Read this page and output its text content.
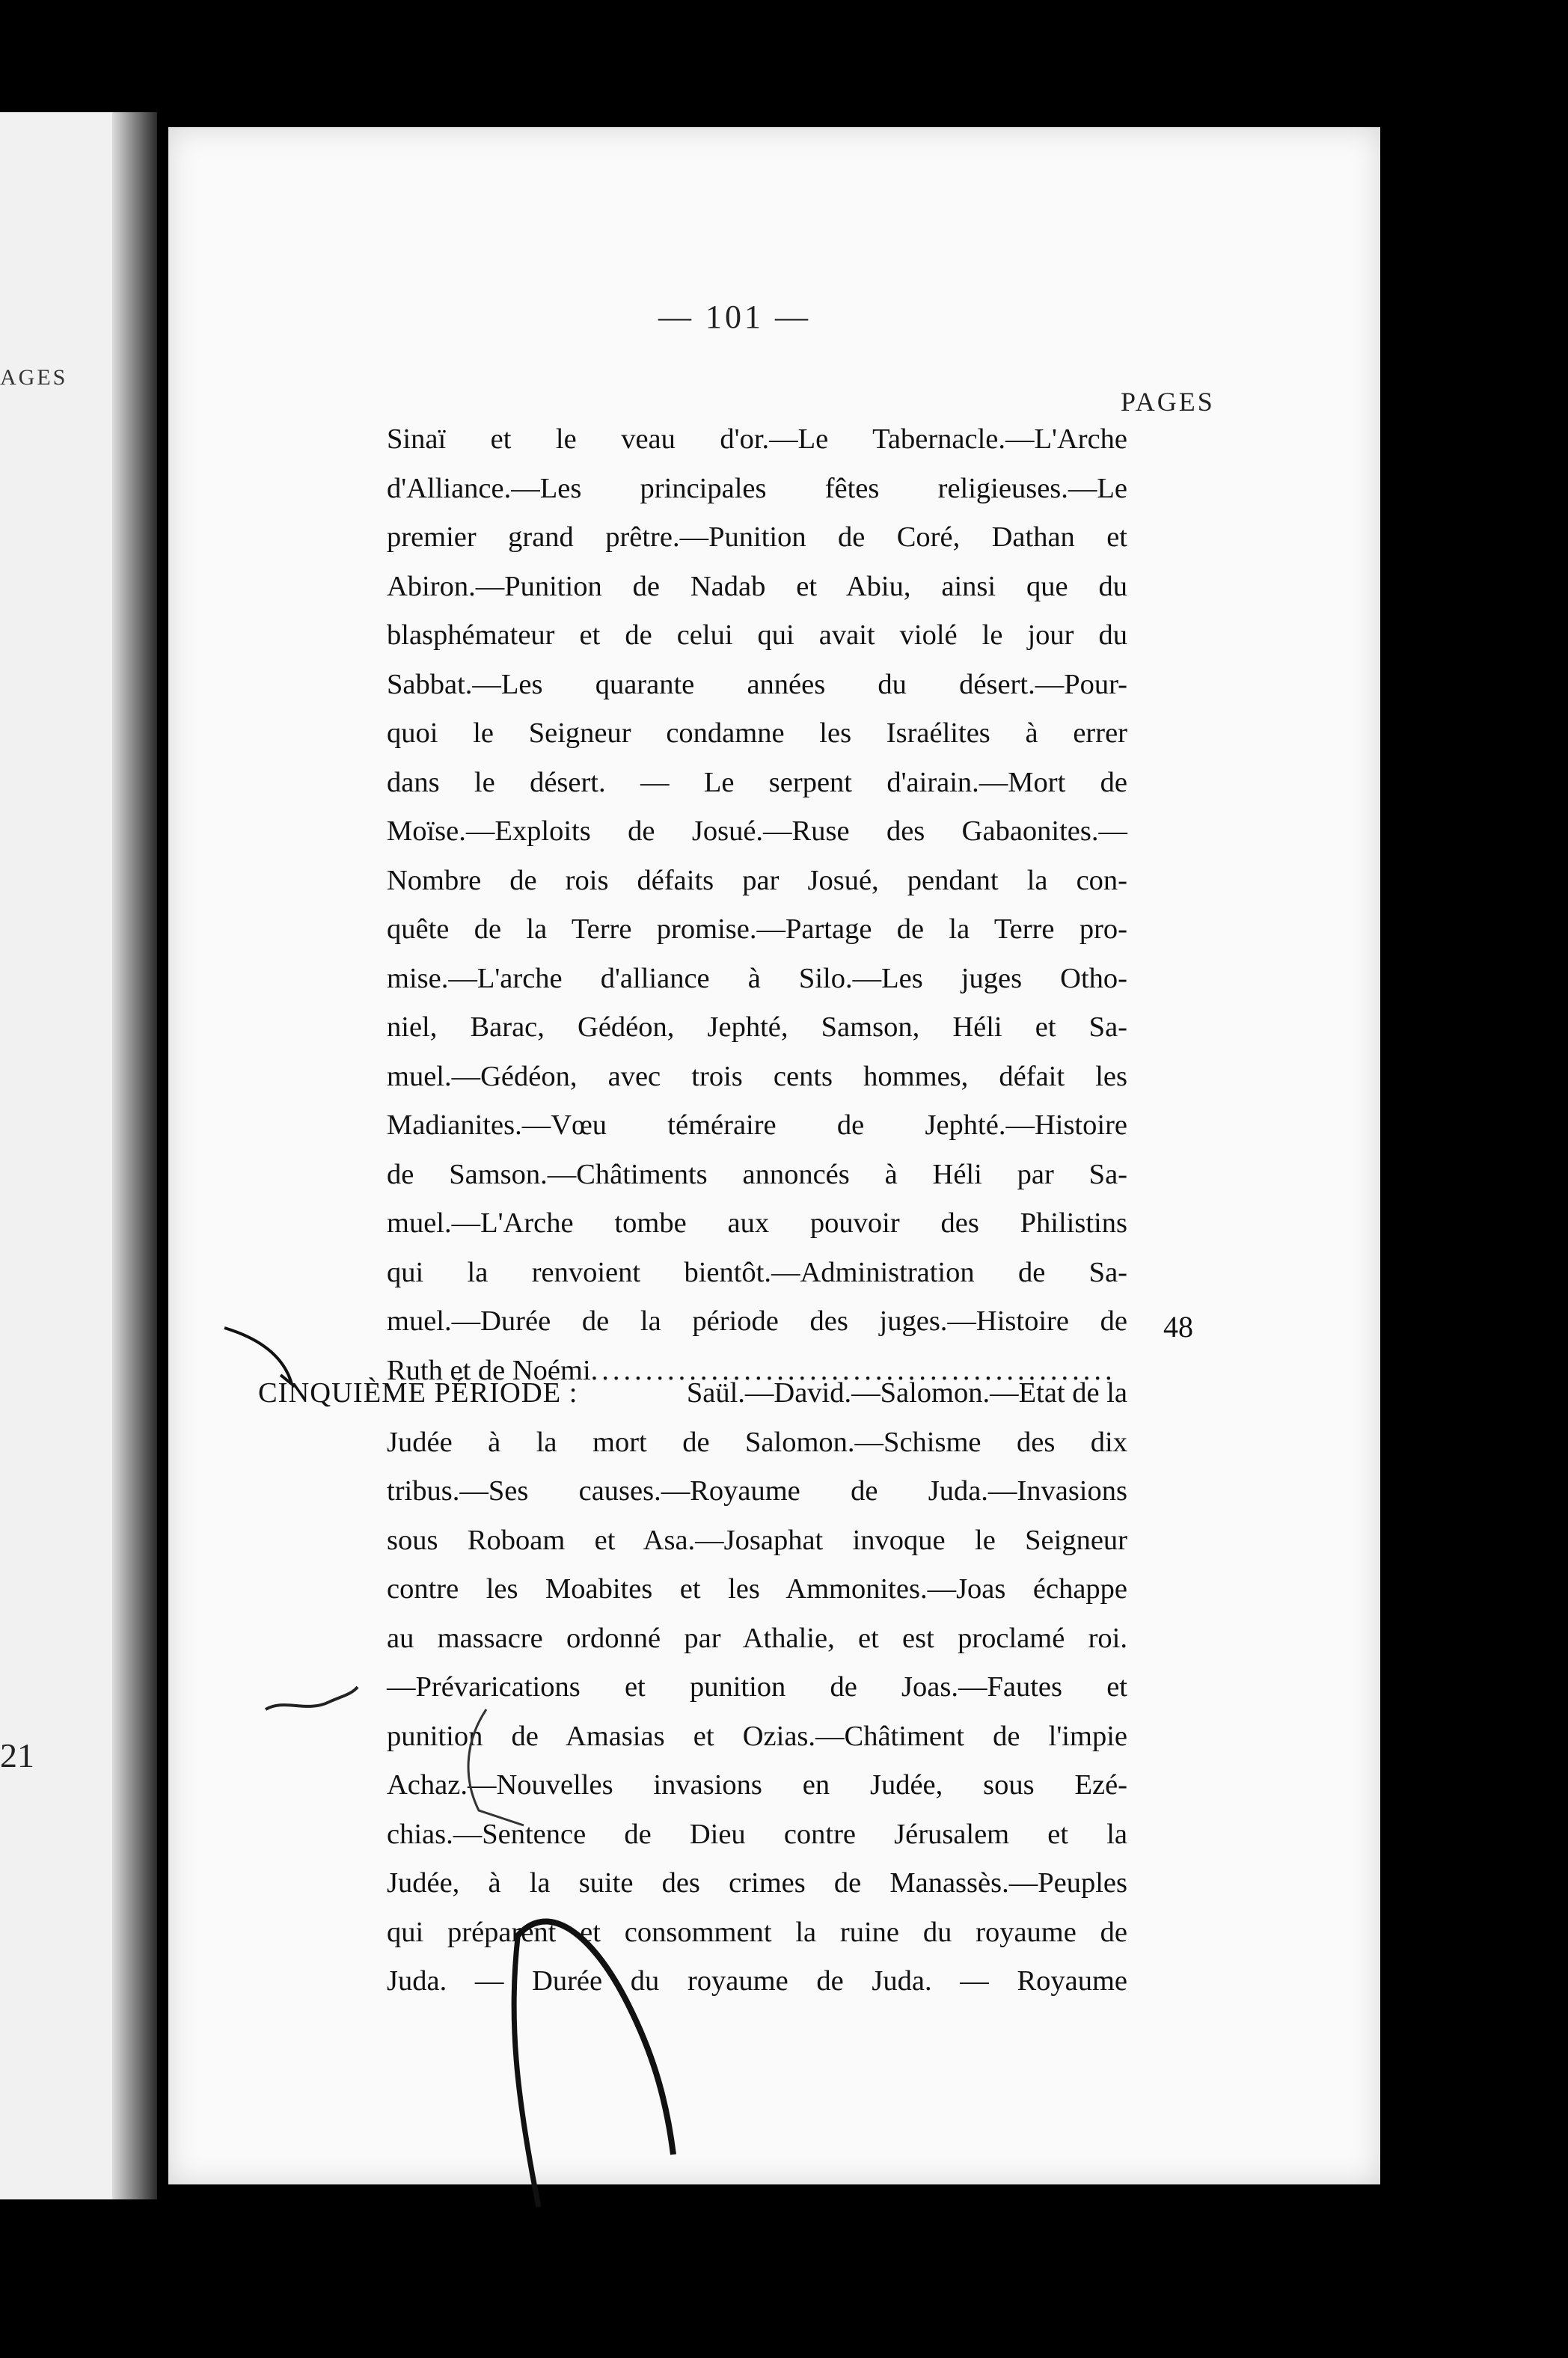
AGES
21
— 101 —
PAGES
Sinaï et le veau d'or.—Le Tabernacle.—L'Arche
d'Alliance.—Les principales fêtes religieuses.—Le
premier grand prêtre.—Punition de Coré, Dathan et
Abiron.—Punition de Nadab et Abiu, ainsi que du
blasphémateur et de celui qui avait violé le jour du
Sabbat.—Les quarante années du désert.—Pour-
quoi le Seigneur condamne les Israélites à errer
dans le désert. — Le serpent d'airain.—Mort de
Moïse.—Exploits de Josué.—Ruse des Gabaonites.—
Nombre de rois défaits par Josué, pendant la con-
quête de la Terre promise.—Partage de la Terre pro-
mise.—L'arche d'alliance à Silo.—Les juges Otho-
niel, Barac, Gédéon, Jephté, Samson, Héli et Sa-
muel.—Gédéon, avec trois cents hommes, défait les
Madianites.—Vœu téméraire de Jephté.—Histoire
de Samson.—Châtiments annoncés à Héli par Sa-
muel.—L'Arche tombe aux pouvoir des Philistins
qui la renvoient bientôt.—Administration de Sa-
muel.—Durée de la période des juges.—Histoire de
Ruth et de Noémi ................................................
48
CINQUIÈME PÉRIODE :	Saül.—David.—Salomon.—Etat de la
Judée à la mort de Salomon.—Schisme des dix
tribus.—Ses causes.—Royaume de Juda.—Invasions
sous Roboam et Asa.—Josaphat invoque le Seigneur
contre les Moabites et les Ammonites.—Joas échappe
au massacre ordonné par Athalie, et est proclamé roi.
—Prévarications et punition de Joas.—Fautes et
punition de Amasias et Ozias.—Châtiment de l'impie
Achaz.—Nouvelles invasions en Judée, sous Ezé-
chias.—Sentence de Dieu contre Jérusalem et la
Judée, à la suite des crimes de Manassès.—Peuples
qui préparent et consomment la ruine du royaume de
Juda. — Durée du royaume de Juda. — Royaume
